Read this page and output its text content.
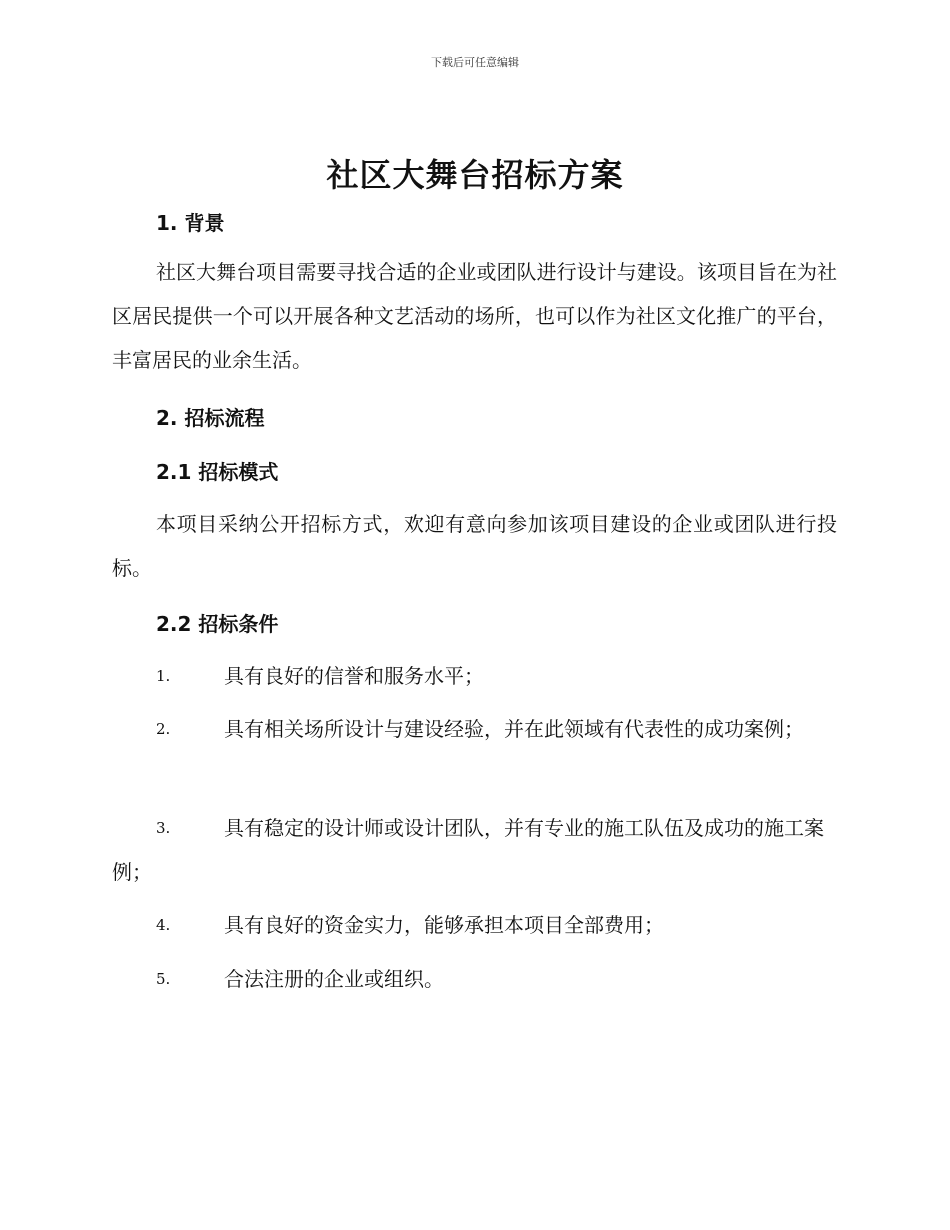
下载后可任意编辑
社区大舞台招标方案
1. 背景
社区大舞台项目需要寻找合适的企业或团队进行设计与建设。该项目旨在为社区居民提供一个可以开展各种文艺活动的场所，也可以作为社区文化推广的平台，丰富居民的业余生活。
2. 招标流程
2.1 招标模式
本项目采纳公开招标方式，欢迎有意向参加该项目建设的企业或团队进行投标。
2.2 招标条件
1.	具有良好的信誉和服务水平；
2.	具有相关场所设计与建设经验，并在此领域有代表性的成功案例；
3.	具有稳定的设计师或设计团队，并有专业的施工队伍及成功的施工案例；
4.	具有良好的资金实力，能够承担本项目全部费用；
5.	合法注册的企业或组织。
